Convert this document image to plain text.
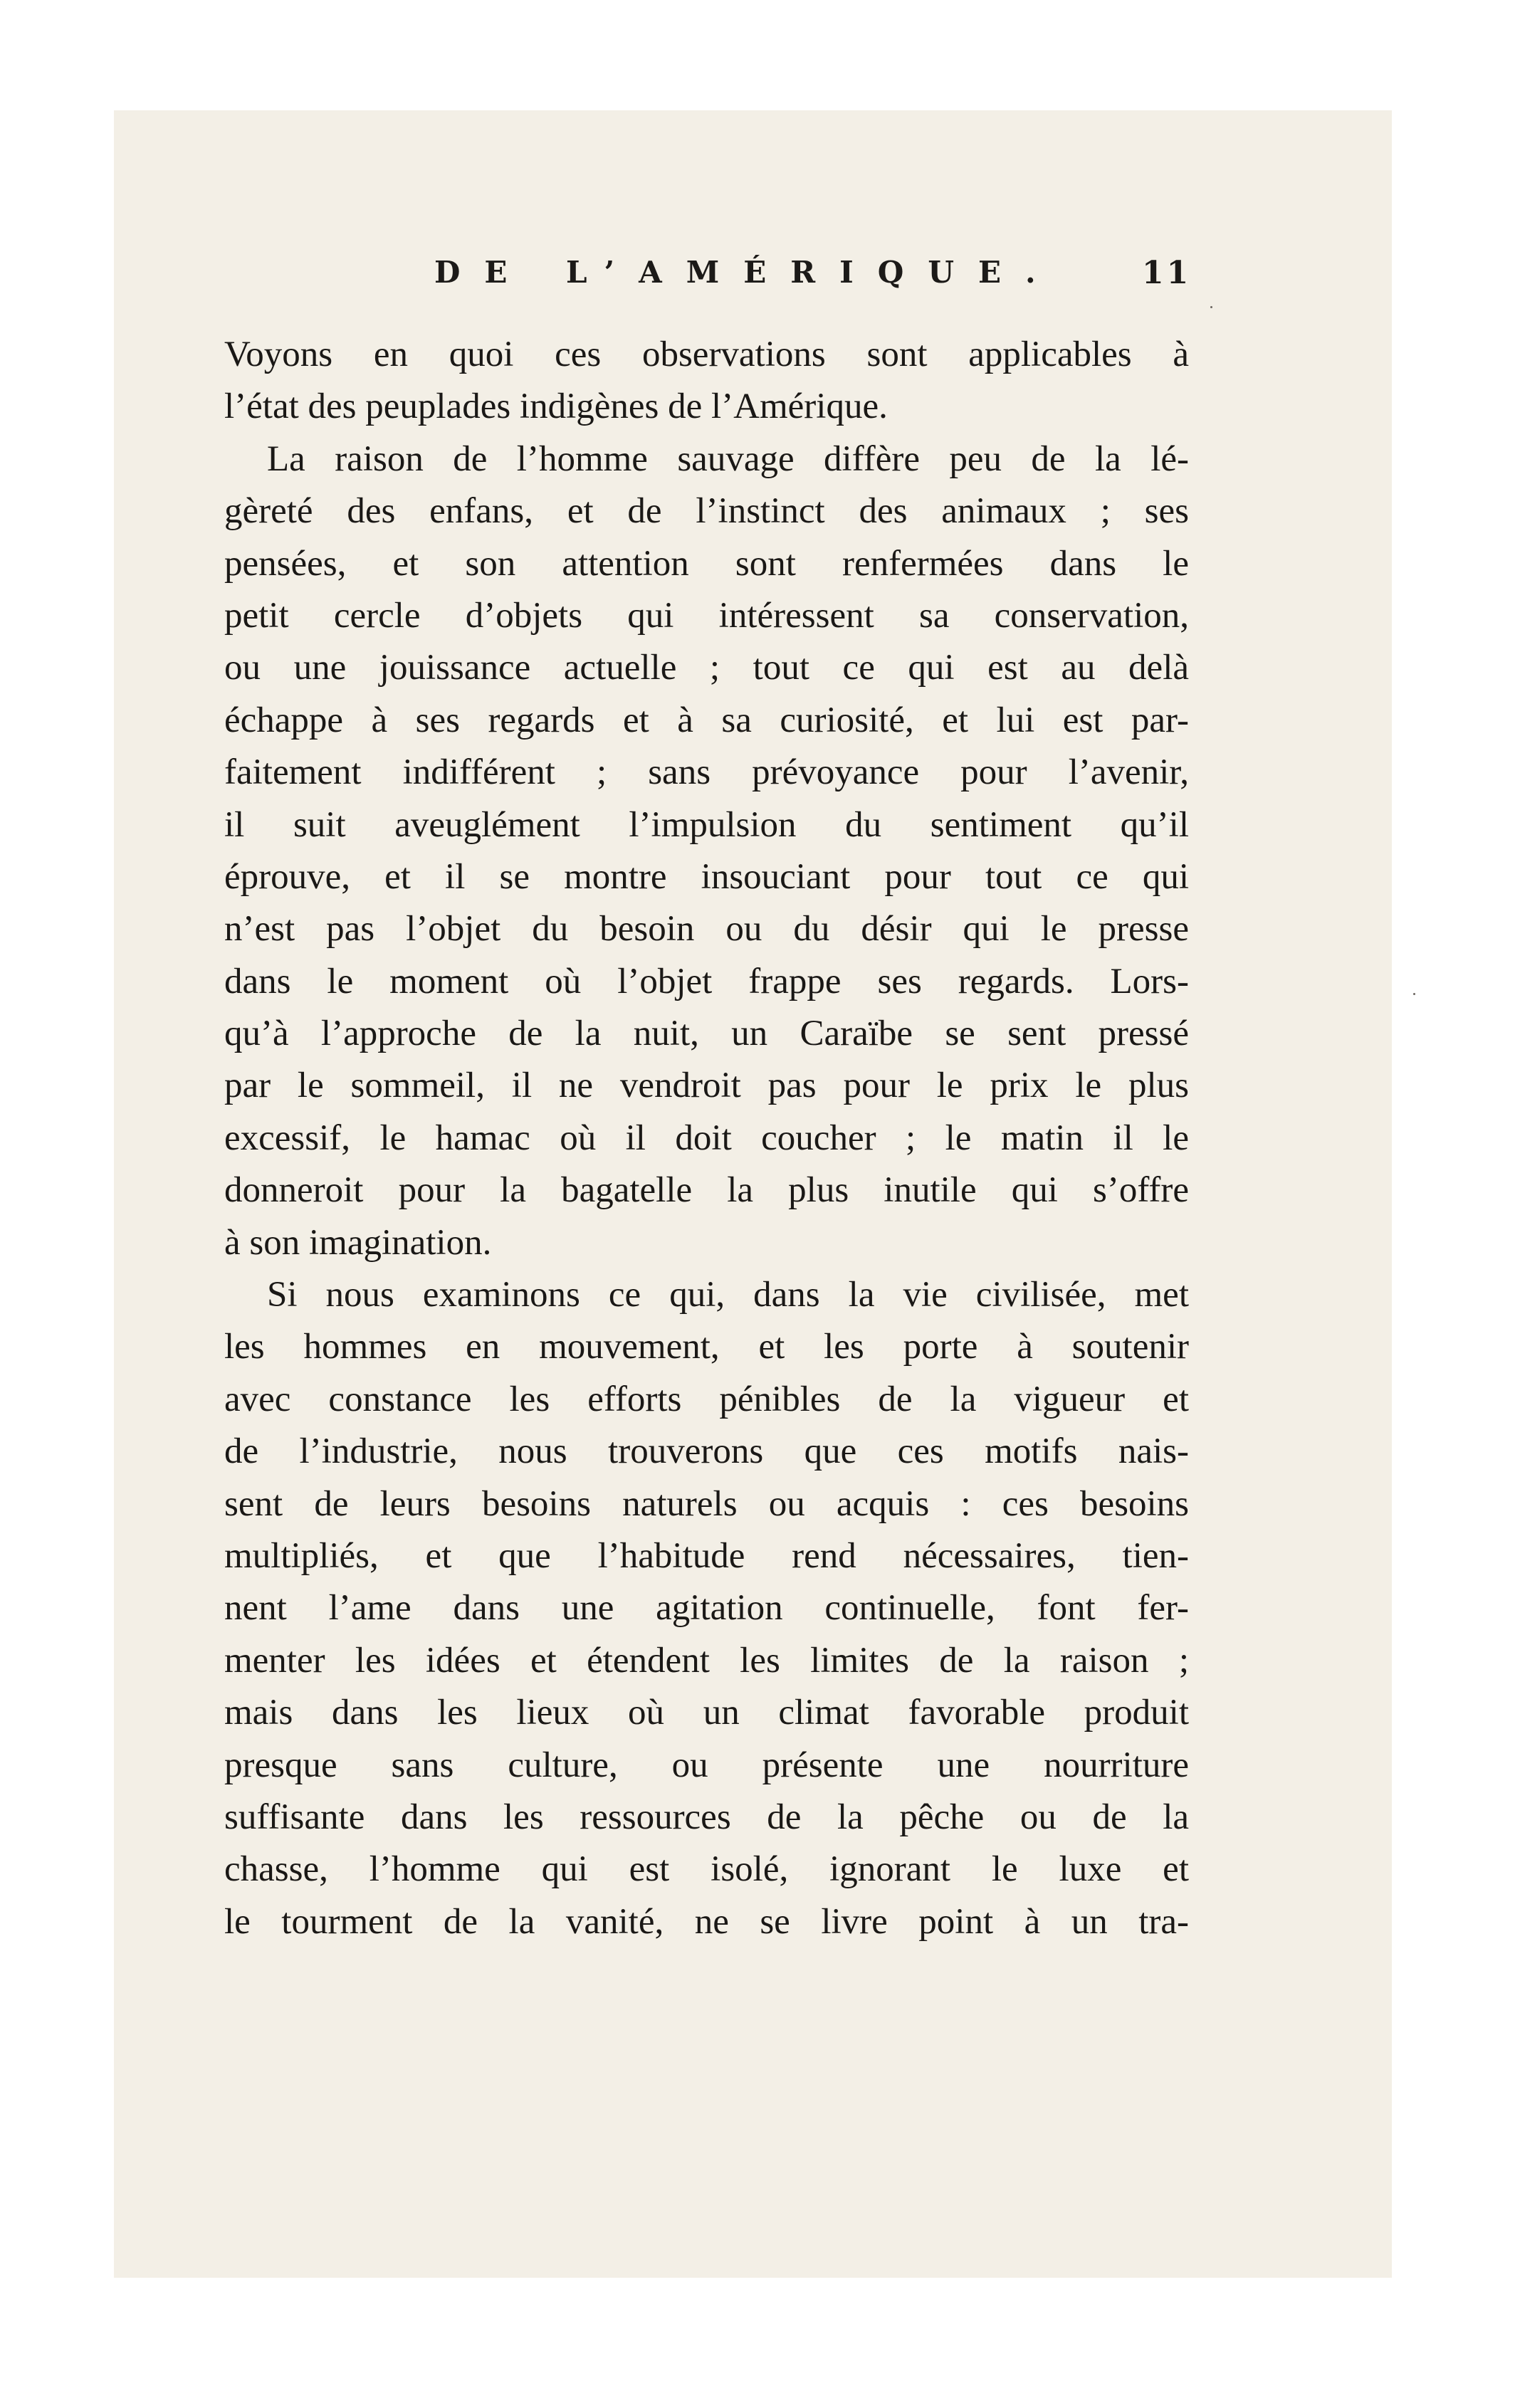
DE L’AMÉRIQUE.	11
Voyons en quoi ces observations sont applicables à
l’état des peuplades indigènes de l’Amérique.
La raison de l’homme sauvage diffère peu de la lé-
gèreté des enfans, et de l’instinct des animaux ; ses
pensées, et son attention sont renfermées dans le
petit cercle d’objets qui intéressent sa conservation,
ou une jouissance actuelle ; tout ce qui est au delà
échappe à ses regards et à sa curiosité, et lui est par-
faitement indifférent ; sans prévoyance pour l’avenir,
il suit aveuglément l’impulsion du sentiment qu’il
éprouve, et il se montre insouciant pour tout ce qui
n’est pas l’objet du besoin ou du désir qui le presse
dans le moment où l’objet frappe ses regards. Lors-
qu’à l’approche de la nuit, un Caraïbe se sent pressé
par le sommeil, il ne vendroit pas pour le prix le plus
excessif, le hamac où il doit coucher ; le matin il le
donneroit pour la bagatelle la plus inutile qui s’offre
à son imagination.
Si nous examinons ce qui, dans la vie civilisée, met
les hommes en mouvement, et les porte à soutenir
avec constance les efforts pénibles de la vigueur et
de l’industrie, nous trouverons que ces motifs nais-
sent de leurs besoins naturels ou acquis : ces besoins
multipliés, et que l’habitude rend nécessaires, tien-
nent l’ame dans une agitation continuelle, font fer-
menter les idées et étendent les limites de la raison ;
mais dans les lieux où un climat favorable produit
presque sans culture, ou présente une nourriture
suffisante dans les ressources de la pêche ou de la
chasse, l’homme qui est isolé, ignorant le luxe et
le tourment de la vanité, ne se livre point à un tra-
